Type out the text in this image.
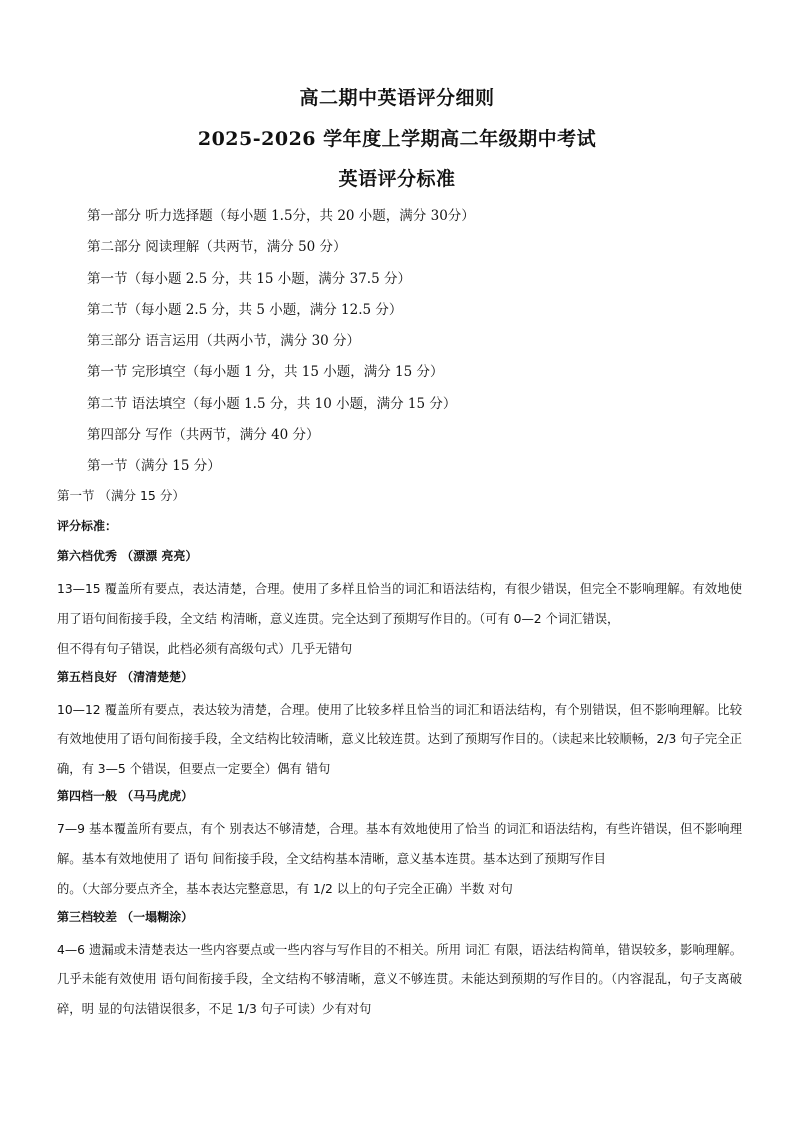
高二期中英语评分细则
2025-2026 学年度上学期高二年级期中考试
英语评分标准
第一部分 听力选择题（每小题 1.5分，共 20 小题，满分 30分）
第二部分 阅读理解（共两节，满分 50 分）
第一节（每小题 2.5 分，共 15 小题，满分 37.5 分）
第二节（每小题 2.5 分，共 5 小题，满分 12.5 分）
第三部分 语言运用（共两小节，满分 30 分）
第一节 完形填空（每小题 1 分，共 15 小题，满分 15 分）
第二节 语法填空（每小题 1.5 分，共 10 小题，满分 15 分）
第四部分 写作（共两节，满分 40 分）
第一节（满分 15 分）
第一节 （满分 15 分）
评分标准：
第六档优秀 （漂漂 亮亮）

13—15 覆盖所有要点，表达清楚，合理。使用了多样且恰当的词汇和语法结构，有很少错误，但完全不影响理解。有效地使用了语句间衔接手段，全文结 构清晰，意义连贯。完全达到了预期写作目的。（可有 0—2 个词汇错误，

但不得有句子错误，此档必须有高级句式）几乎无错句

第五档良好 （清清楚楚）

10—12 覆盖所有要点，表达较为清楚，合理。使用了比较多样且恰当的词汇和语法结构，有个别错误，但不影响理解。比较有效地使用了语句间衔接手段，全文结构比较清晰，意义比较连贯。达到了预期写作目的。（读起来比较顺畅，2/3 句子完全正确，有 3—5 个错误，但要点一定要全）偶有 错句

第四档一般 （马马虎虎）

7—9 基本覆盖所有要点，有个 别表达不够清楚，合理。基本有效地使用了恰当 的词汇和语法结构，有些许错误，但不影响理解。基本有效地使用了 语句 间衔接手段，全文结构基本清晰，意义基本连贯。基本达到了预期写作目

的。（大部分要点齐全，基本表达完整意思，有 1/2 以上的句子完全正确）半数 对句

第三档较差 （一塌糊涂）

4—6 遗漏或未清楚表达一些内容要点或一些内容与写作目的不相关。所用 词汇 有限，语法结构简单，错误较多，影响理解。几乎未能有效使用 语句间衔接手段，全文结构不够清晰，意义不够连贯。未能达到预期的写作目的。（内容混乱，句子支离破碎，明 显的句法错误很多，不足 1/3 句子可读）少有对句
